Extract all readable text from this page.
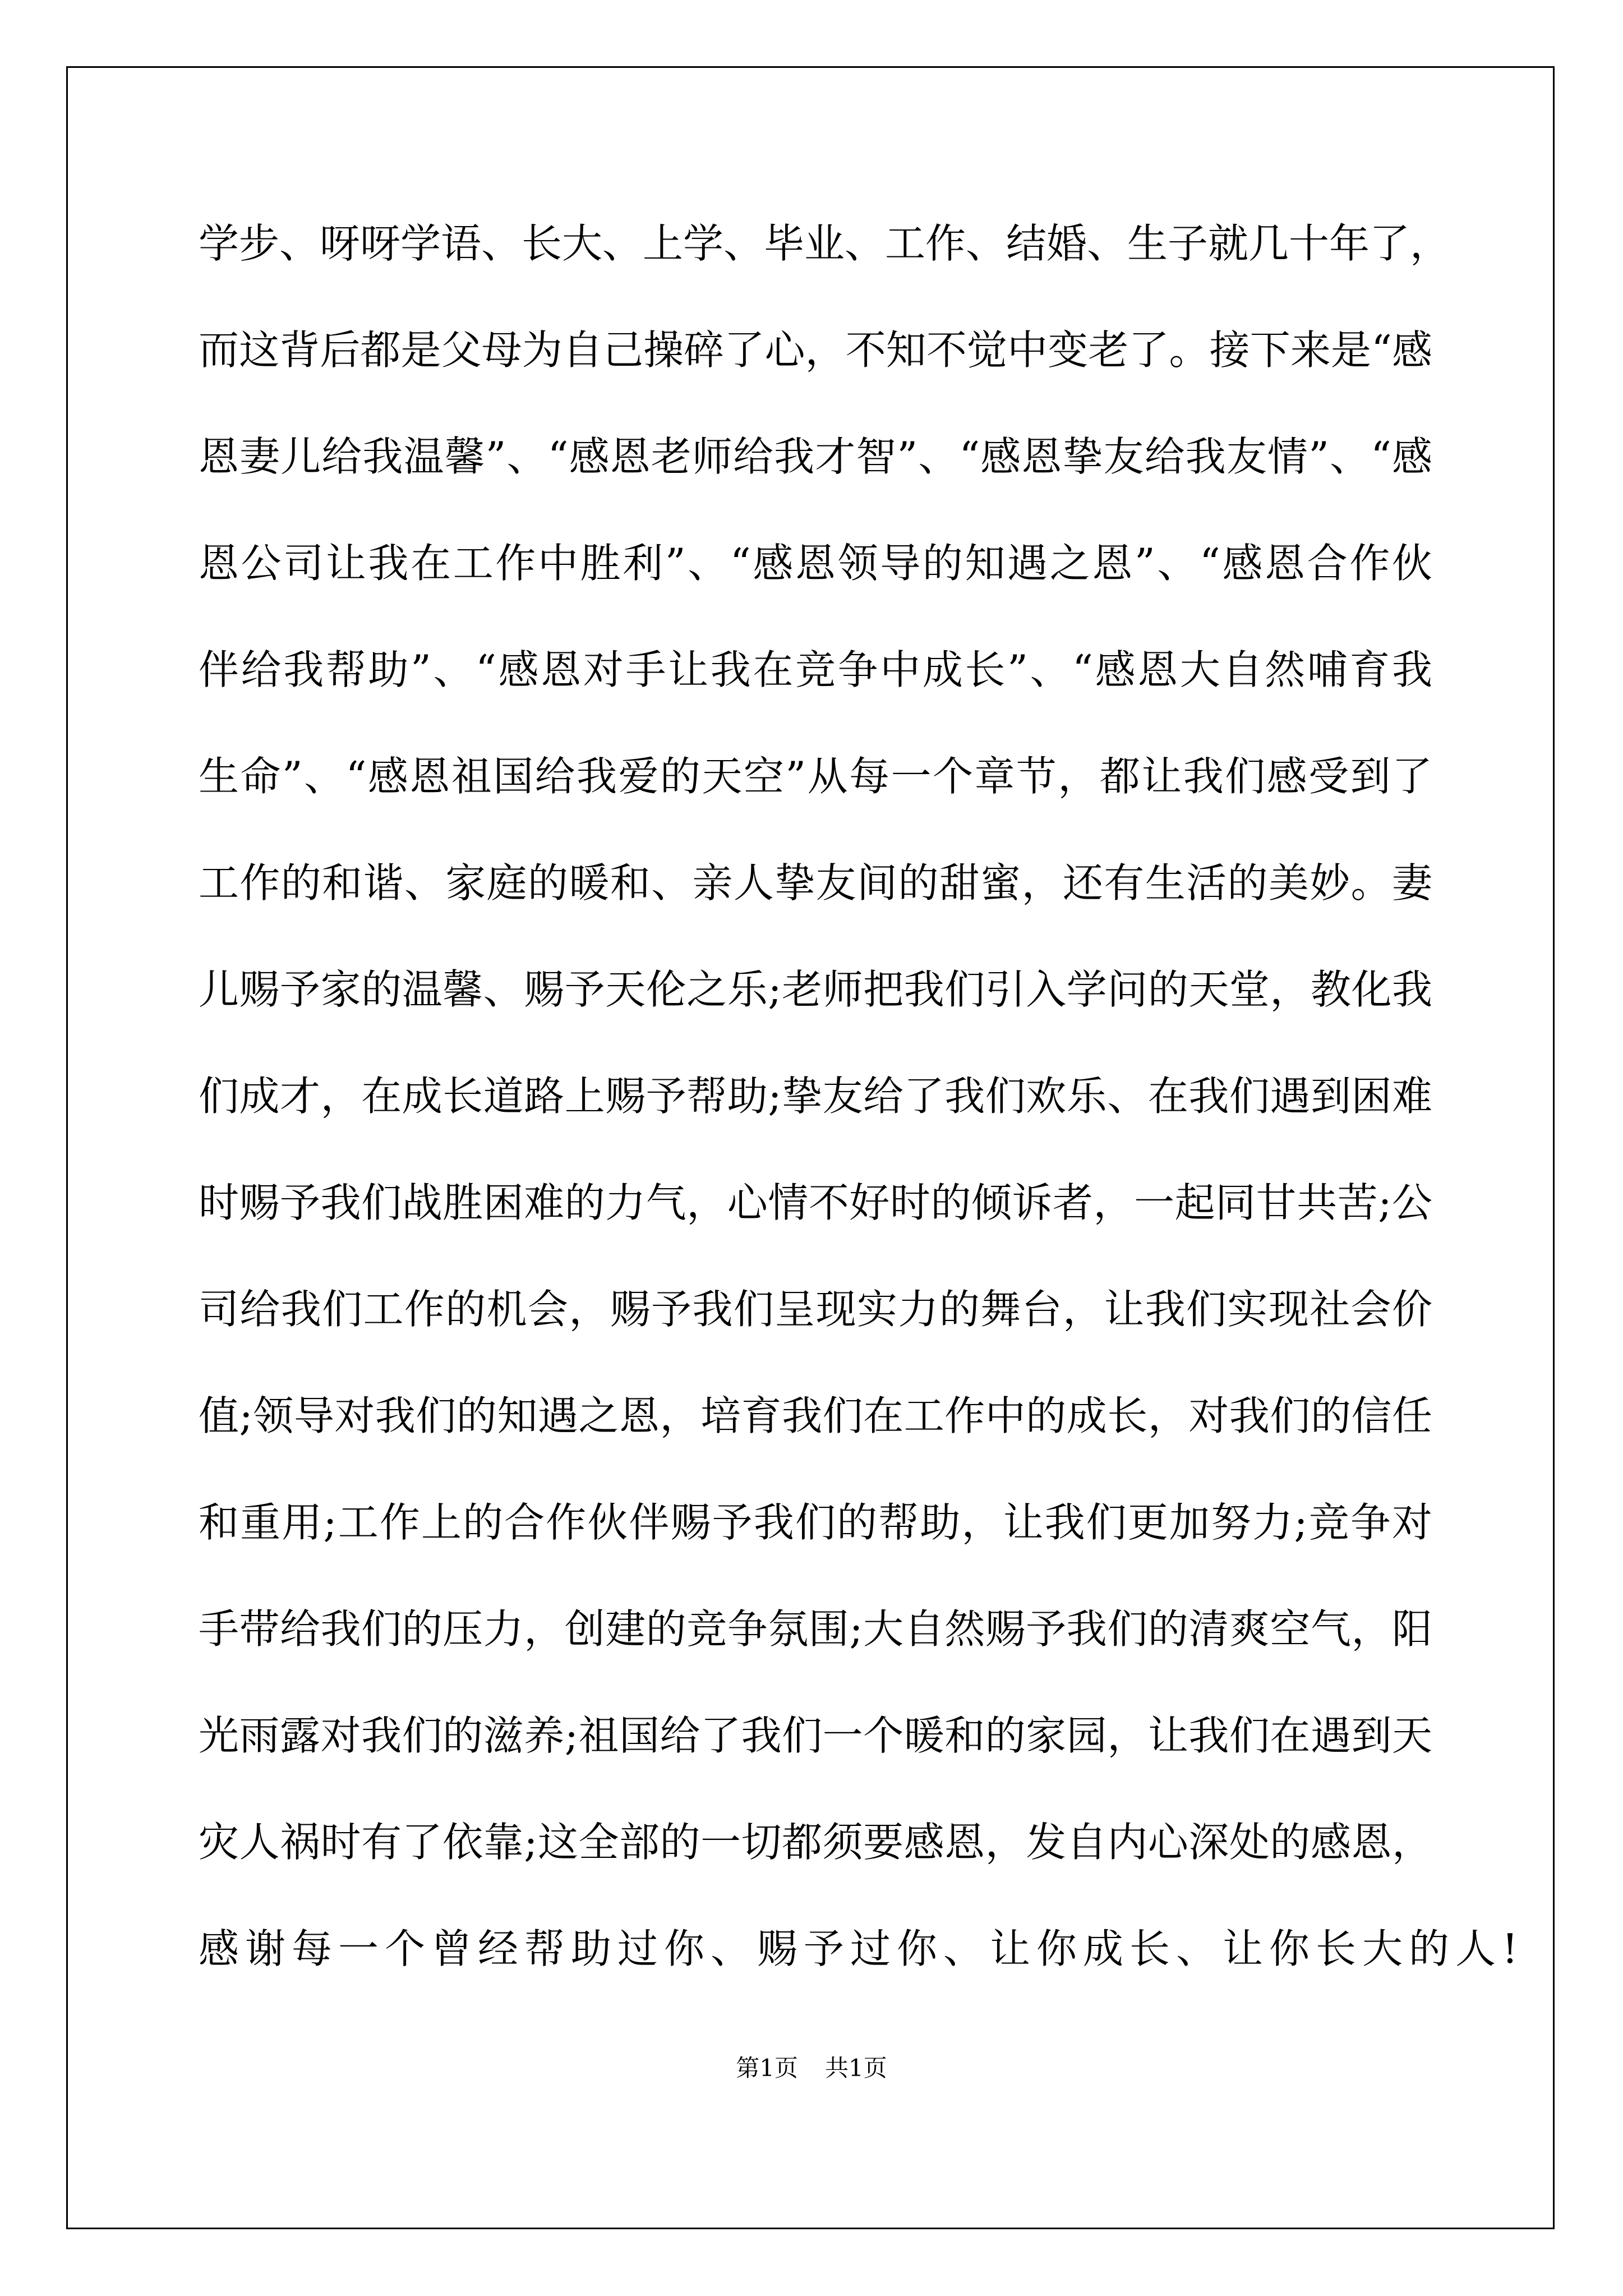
学步、呀呀学语、长大、上学、毕业、工作、结婚、生子就几十年了，
而这背后都是父母为自己操碎了心，不知不觉中变老了。接下来是“感
恩妻儿给我温馨”、“感恩老师给我才智”、“感恩挚友给我友情”、“感
恩公司让我在工作中胜利”、“感恩领导的知遇之恩”、“感恩合作伙
伴给我帮助”、“感恩对手让我在竞争中成长”、“感恩大自然哺育我
生命”、“感恩祖国给我爱的天空”从每一个章节，都让我们感受到了
工作的和谐、家庭的暖和、亲人挚友间的甜蜜，还有生活的美妙。妻
儿赐予家的温馨、赐予天伦之乐;老师把我们引入学问的天堂，教化我
们成才，在成长道路上赐予帮助;挚友给了我们欢乐、在我们遇到困难
时赐予我们战胜困难的力气，心情不好时的倾诉者，一起同甘共苦;公
司给我们工作的机会，赐予我们呈现实力的舞台，让我们实现社会价
值;领导对我们的知遇之恩，培育我们在工作中的成长，对我们的信任
和重用;工作上的合作伙伴赐予我们的帮助，让我们更加努力;竞争对
手带给我们的压力，创建的竞争氛围;大自然赐予我们的清爽空气，阳
光雨露对我们的滋养;祖国给了我们一个暖和的家园，让我们在遇到天
灾人祸时有了依靠;这全部的一切都须要感恩，发自内心深处的感恩，
感谢每一个曾经帮助过你、赐予过你、让你成长、让你长大的人!
第1页 共1页
